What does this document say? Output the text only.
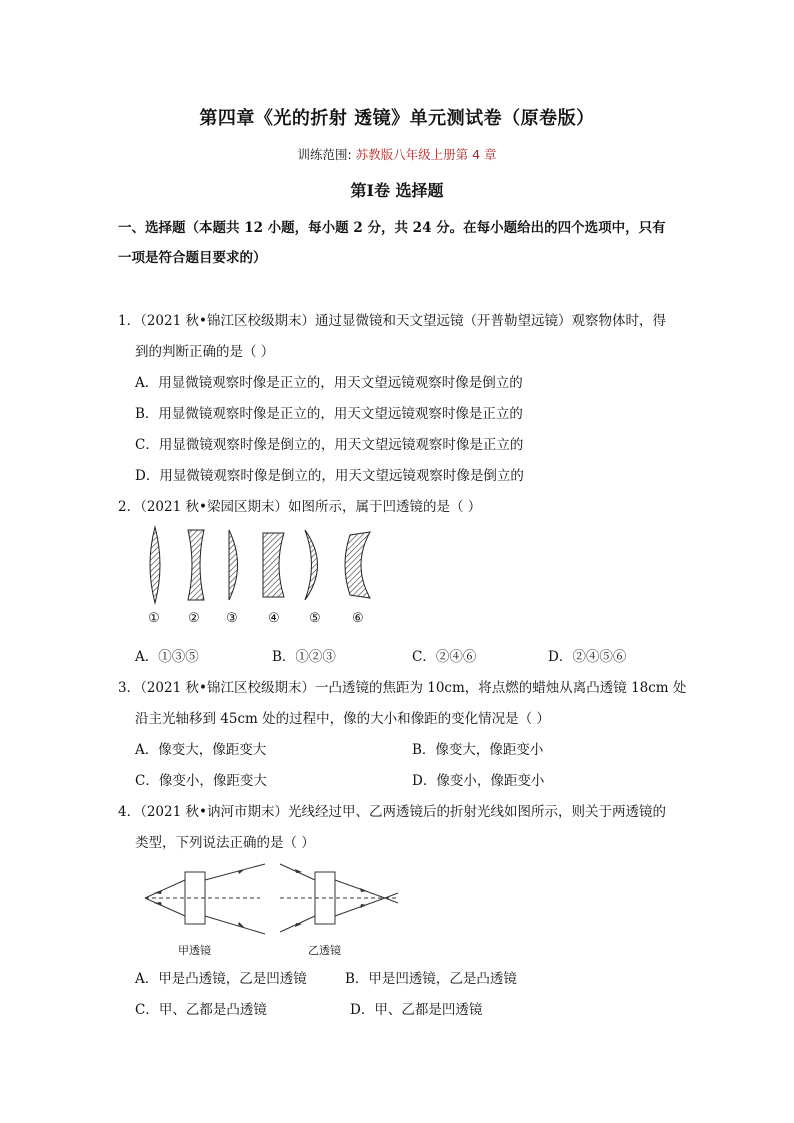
第四章《光的折射 透镜》单元测试卷（原卷版）
训练范围: 苏教版八年级上册第 4 章
第Ⅰ卷 选择题
一、选择题（本题共 12 小题，每小题 2 分，共 24 分。在每小题给出的四个选项中，只有
一项是符合题目要求的）
1．（2021 秋•锦江区校级期末）通过显微镜和天文望远镜（开普勒望远镜）观察物体时，得
到的判断正确的是（ ）
A．用显微镜观察时像是正立的，用天文望远镜观察时像是倒立的
B．用显微镜观察时像是正立的，用天文望远镜观察时像是正立的
C．用显微镜观察时像是倒立的，用天文望远镜观察时像是正立的
D．用显微镜观察时像是倒立的，用天文望远镜观察时像是倒立的
2．（2021 秋•梁园区期末）如图所示，属于凹透镜的是（ ）
① ② ③ ④ ⑤ ⑥
A．①③⑤	B．①②③	C．②④⑥	D．②④⑤⑥
3．（2021 秋•锦江区校级期末）一凸透镜的焦距为 10cm，将点燃的蜡烛从离凸透镜 18cm 处
沿主光轴移到 45cm 处的过程中，像的大小和像距的变化情况是（ ）
A．像变大，像距变大	B．像变大，像距变小
C．像变小，像距变大	D．像变小，像距变小
4．（2021 秋•讷河市期末）光线经过甲、乙两透镜后的折射光线如图所示，则关于两透镜的
类型，下列说法正确的是（ ）
甲透镜	乙透镜
A．甲是凸透镜，乙是凹透镜	B．甲是凹透镜，乙是凸透镜
C．甲、乙都是凸透镜	D．甲、乙都是凹透镜
